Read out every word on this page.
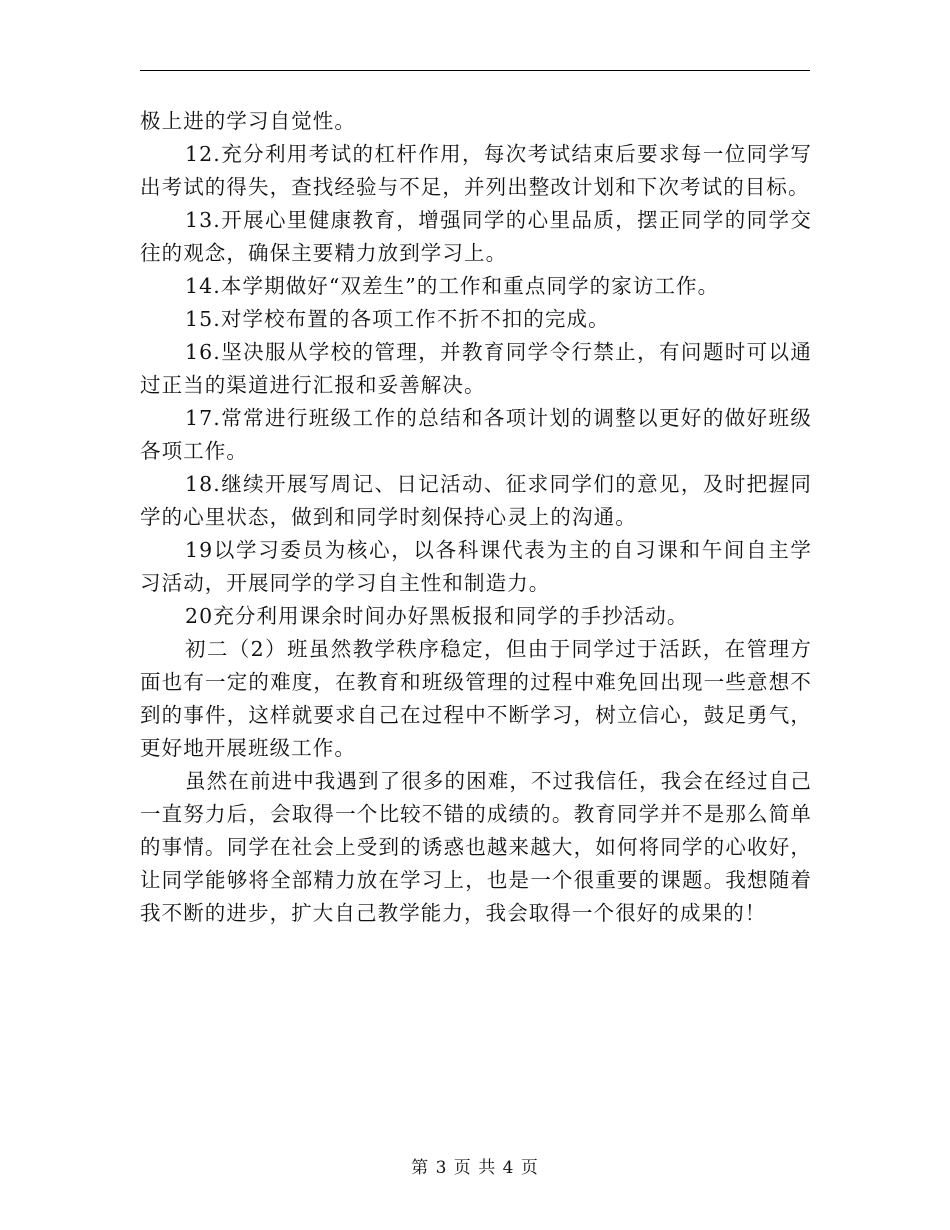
极上进的学习自觉性。

12.充分利用考试的杠杆作用，每次考试结束后要求每一位同学写出考试的得失，查找经验与不足，并列出整改计划和下次考试的目标。

13.开展心里健康教育，增强同学的心里品质，摆正同学的同学交往的观念，确保主要精力放到学习上。

14.本学期做好“双差生”的工作和重点同学的家访工作。

15.对学校布置的各项工作不折不扣的完成。

16.坚决服从学校的管理，并教育同学令行禁止，有问题时可以通过正当的渠道进行汇报和妥善解决。

17.常常进行班级工作的总结和各项计划的调整以更好的做好班级各项工作。

18.继续开展写周记、日记活动、征求同学们的意见，及时把握同学的心里状态，做到和同学时刻保持心灵上的沟通。

19以学习委员为核心，以各科课代表为主的自习课和午间自主学习活动，开展同学的学习自主性和制造力。

20充分利用课余时间办好黑板报和同学的手抄活动。

初二（2）班虽然教学秩序稳定，但由于同学过于活跃，在管理方面也有一定的难度，在教育和班级管理的过程中难免回出现一些意想不到的事件，这样就要求自己在过程中不断学习，树立信心，鼓足勇气，更好地开展班级工作。

虽然在前进中我遇到了很多的困难，不过我信任，我会在经过自己一直努力后，会取得一个比较不错的成绩的。教育同学并不是那么简单的事情。同学在社会上受到的诱惑也越来越大，如何将同学的心收好，让同学能够将全部精力放在学习上，也是一个很重要的课题。我想随着我不断的进步，扩大自己教学能力，我会取得一个很好的成果的！

第 3 页 共 4 页
